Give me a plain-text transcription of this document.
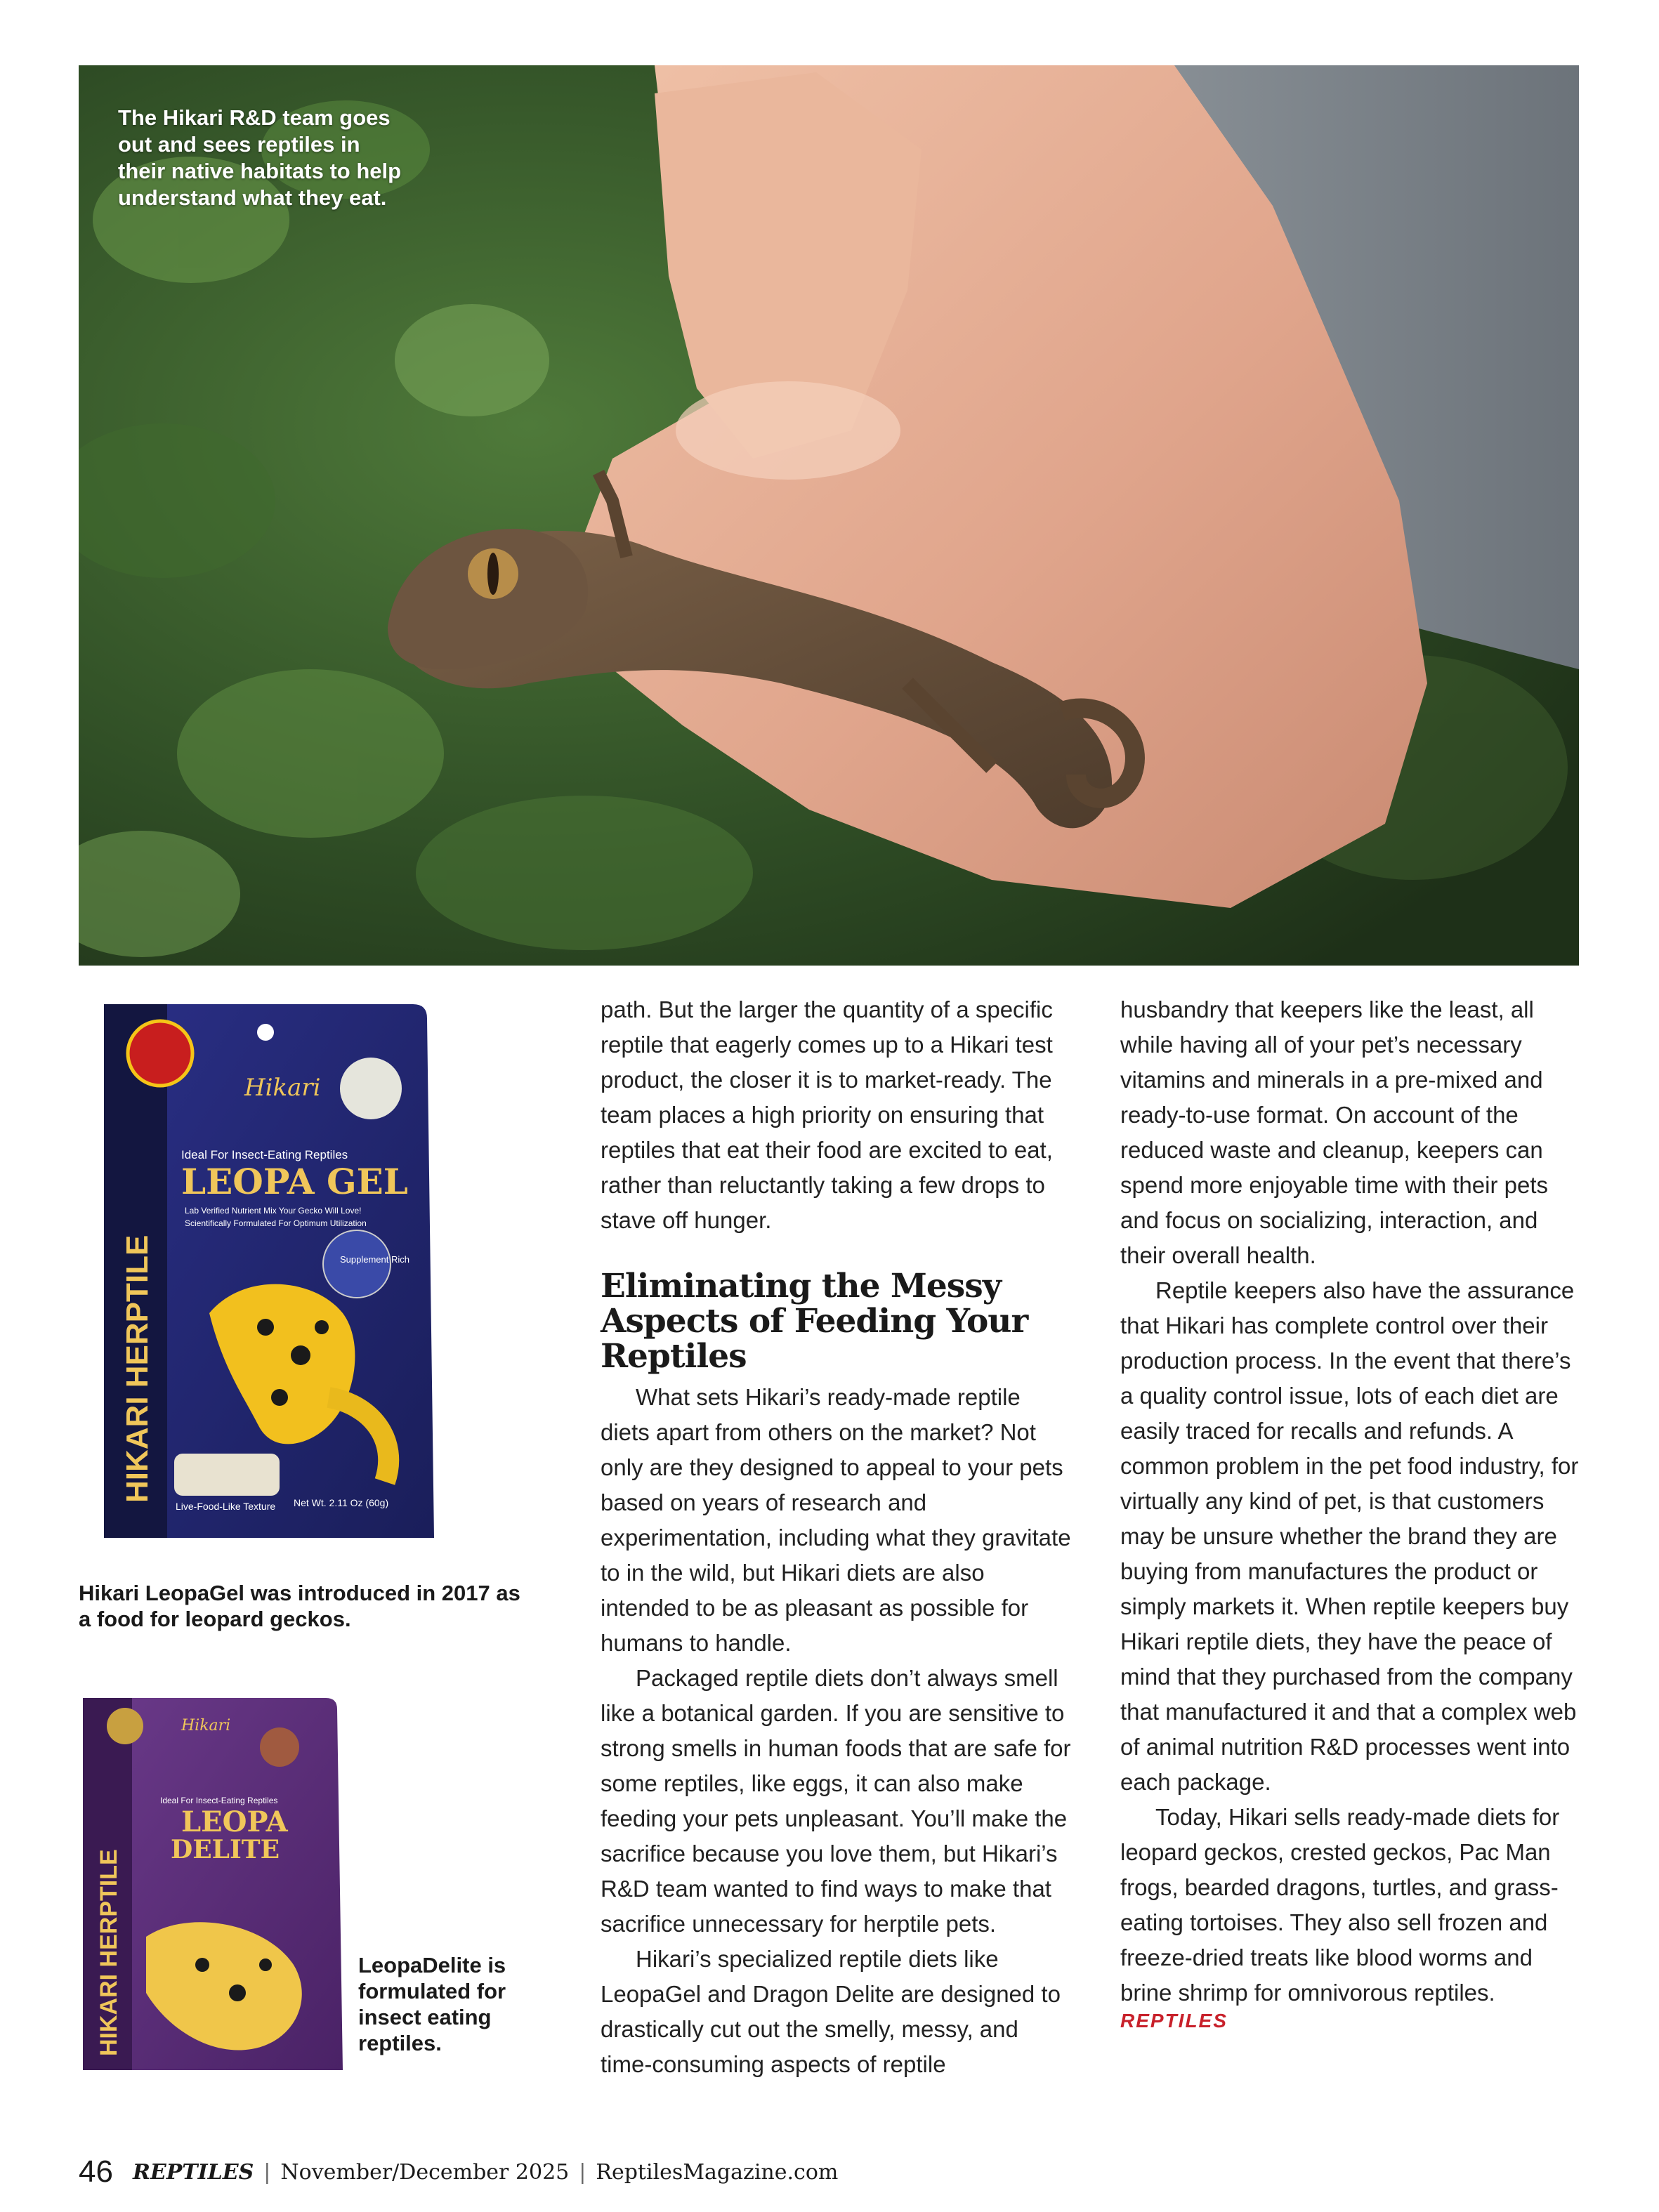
The Hikari R&D team goes out and sees reptiles in their native habitats to help understand what they eat.

Hikari
Ideal For Insect-Eating Reptiles
LEOPA GEL
Lab Verified Nutrient Mix Your Gecko Will Love!
Scientifically Formulated For Optimum Utilization
Supplement Rich
Live-Food-Like Texture Net Wt. 2.11 Oz (60g)
HIKARI HERPTILE

Hikari LeopaGel was introduced in 2017 as a food for leopard geckos.

Hikari
Ideal For Insect-Eating Reptiles
LEOPA
DELITE
HIKARI HERPTILE	LeopaDelite is formulated for insect eating reptiles.

path. But the larger the quantity of a specific reptile that eagerly comes up to a Hikari test product, the closer it is to market-ready. The team places a high priority on ensuring that reptiles that eat their food are excited to eat, rather than reluctantly taking a few drops to stave off hunger.

Eliminating the Messy Aspects of Feeding Your Reptiles

What sets Hikari’s ready-made reptile diets apart from others on the market? Not only are they designed to appeal to your pets based on years of research and experimentation, including what they gravitate to in the wild, but Hikari diets are also intended to be as pleasant as possible for humans to handle.

Packaged reptile diets don’t always smell like a botanical garden. If you are sensitive to strong smells in human foods that are safe for some reptiles, like eggs, it can also make feeding your pets unpleasant. You’ll make the sacrifice because you love them, but Hikari’s R&D team wanted to find ways to make that sacrifice unnecessary for herptile pets.

Hikari’s specialized reptile diets like LeopaGel and Dragon Delite are designed to drastically cut out the smelly, messy, and time-consuming aspects of reptile

husbandry that keepers like the least, all while having all of your pet’s necessary vitamins and minerals in a pre-mixed and ready-to-use format. On account of the reduced waste and cleanup, keepers can spend more enjoyable time with their pets and focus on socializing, interaction, and their overall health.

Reptile keepers also have the assurance that Hikari has complete control over their production process. In the event that there’s a quality control issue, lots of each diet are easily traced for recalls and refunds. A common problem in the pet food industry, for virtually any kind of pet, is that customers may be unsure whether the brand they are buying from manufactures the product or simply markets it. When reptile keepers buy Hikari reptile diets, they have the peace of mind that they purchased from the company that manufactured it and that a complex web of animal nutrition R&D processes went into each package.

Today, Hikari sells ready-made diets for leopard geckos, crested geckos, Pac Man frogs, bearded dragons, turtles, and grass-eating tortoises. They also sell frozen and freeze-dried treats like blood worms and brine shrimp for omnivorous reptiles.

REPTILES
46 REPTILES | November/December 2025 | ReptilesMagazine.com
